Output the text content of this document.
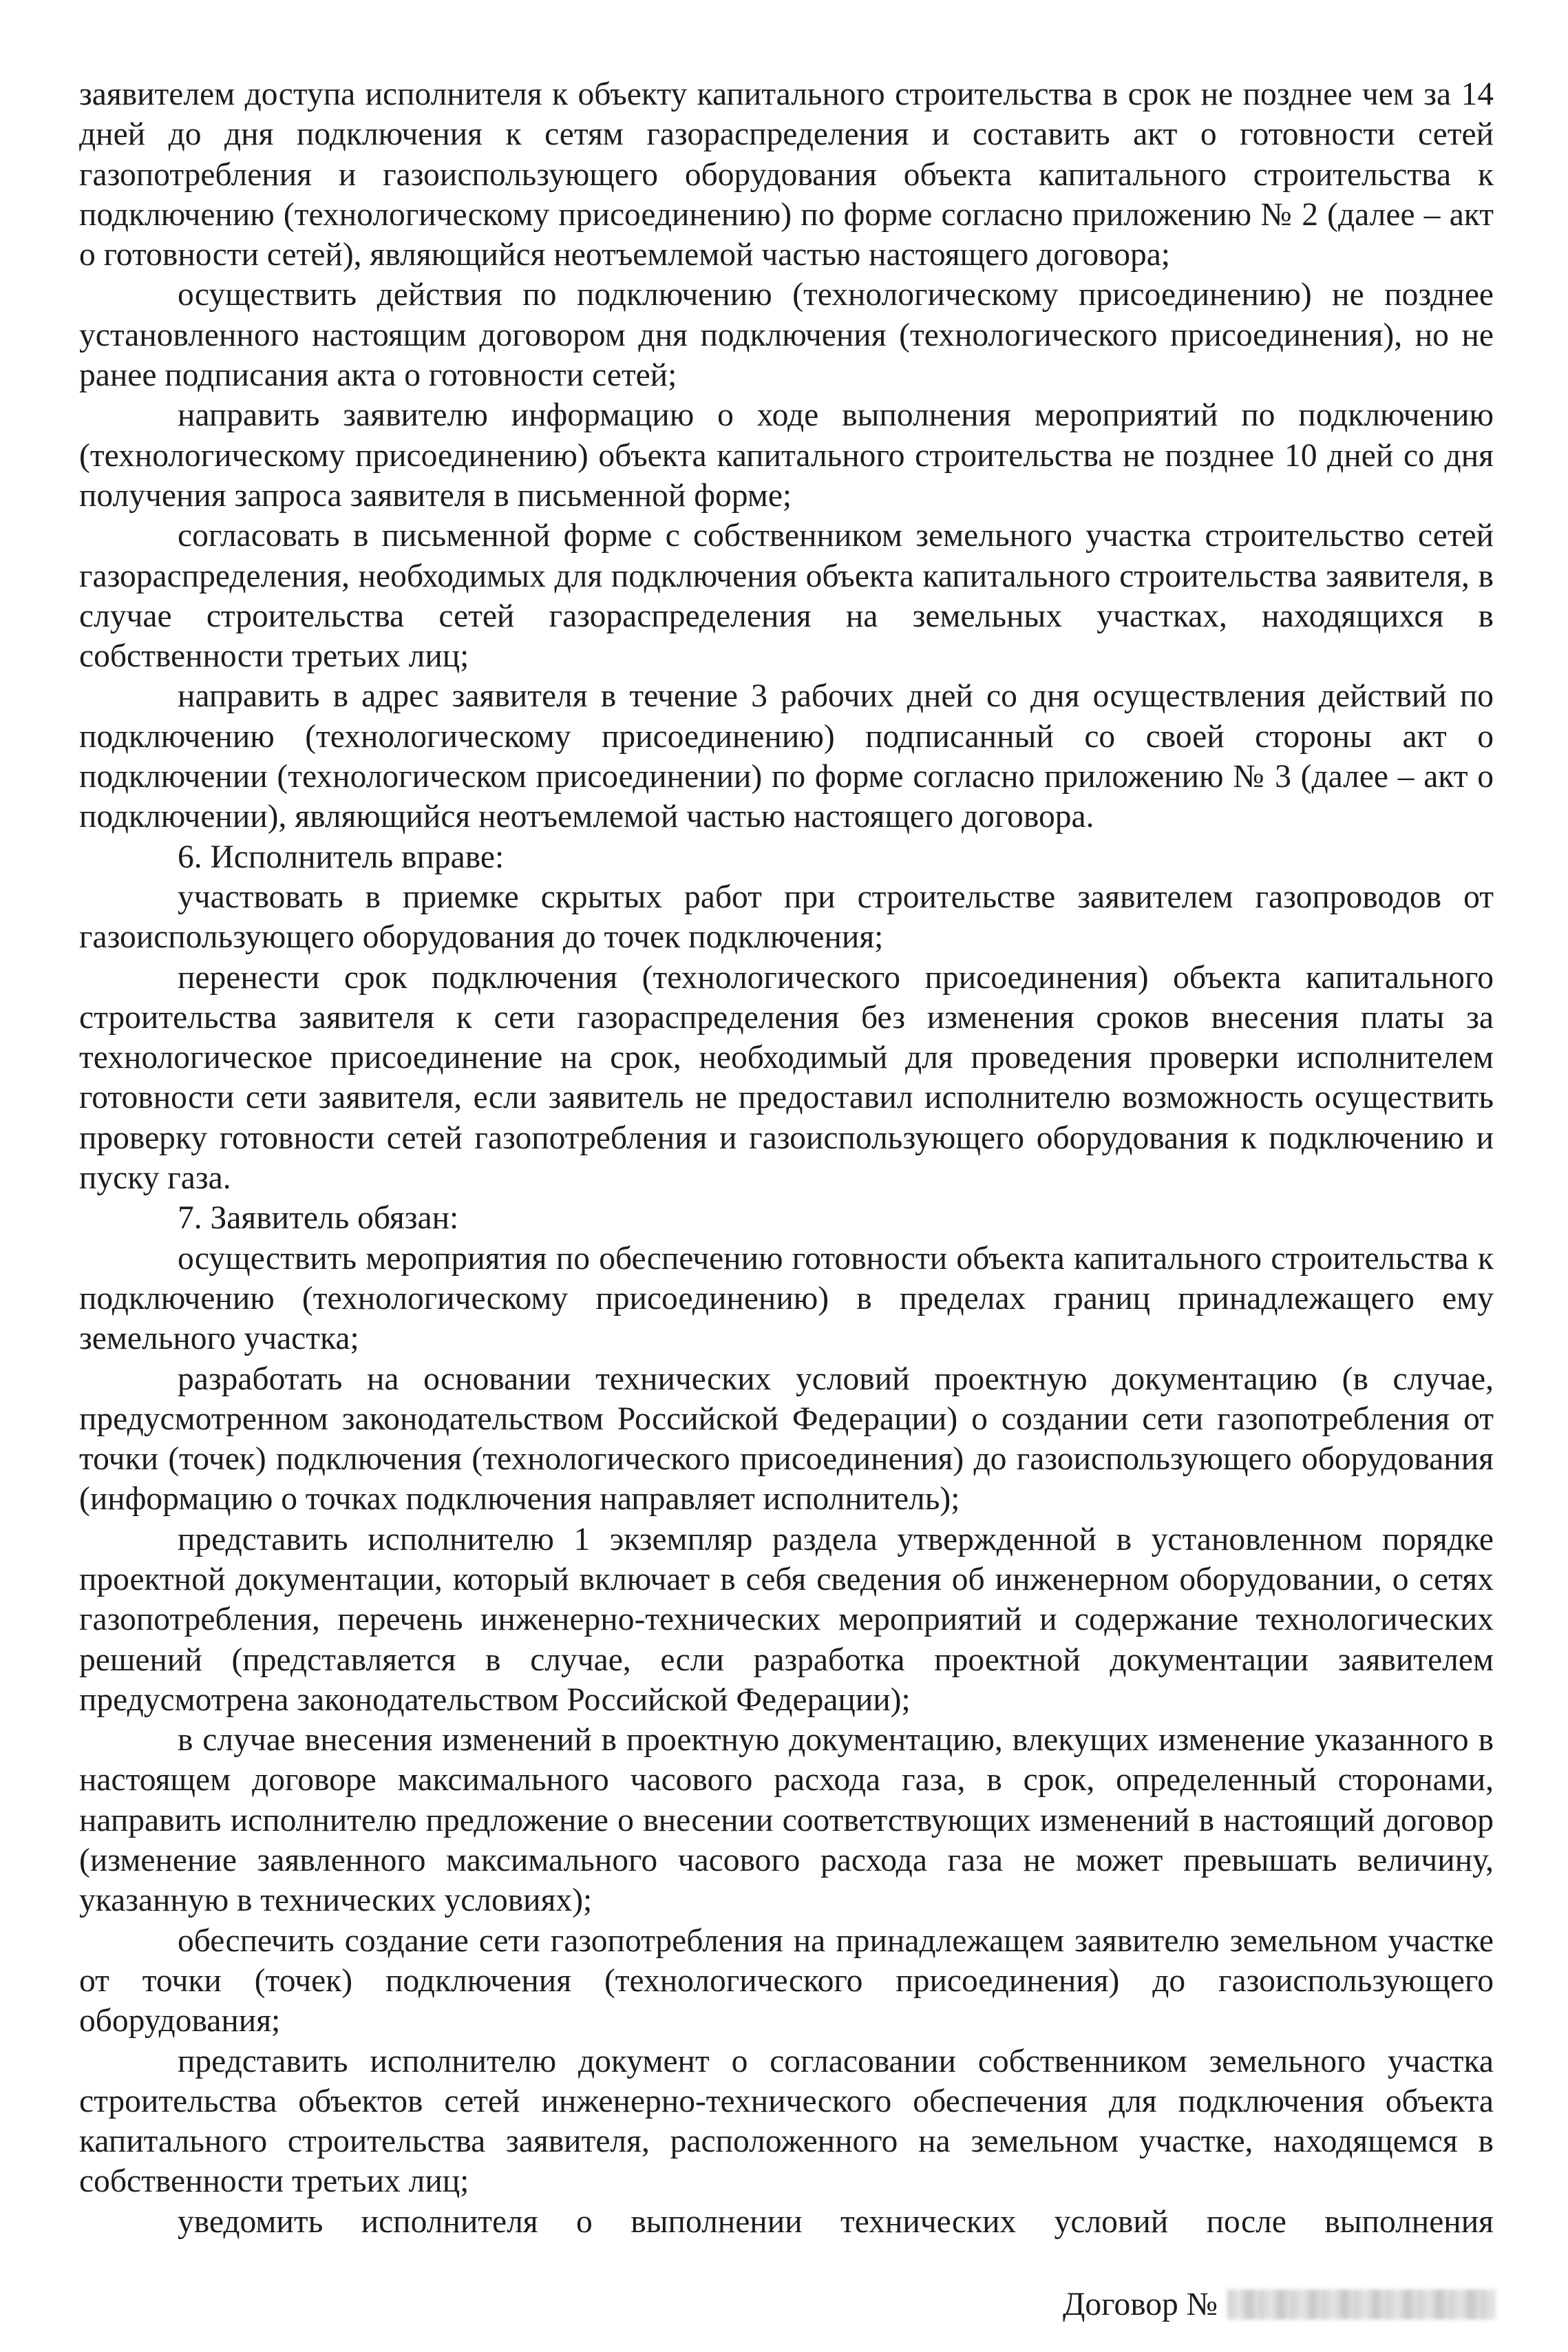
заявителем доступа исполнителя к объекту капитального строительства в срок не позднее чем за 14 дней до дня подключения к сетям газораспределения и составить акт о готовности сетей газопотребления и газоиспользующего оборудования объекта капитального строительства к подключению (технологическому присоединению) по форме согласно приложению № 2 (далее – акт о готовности сетей), являющийся неотъемлемой частью настоящего договора;

осуществить действия по подключению (технологическому присоединению) не позднее установленного настоящим договором дня подключения (технологического присоединения), но не ранее подписания акта о готовности сетей;

направить заявителю информацию о ходе выполнения мероприятий по подключению (технологическому присоединению) объекта капитального строительства не позднее 10 дней со дня получения запроса заявителя в письменной форме;

согласовать в письменной форме с собственником земельного участка строительство сетей газораспределения, необходимых для подключения объекта капитального строительства заявителя, в случае строительства сетей газораспределения на земельных участках, находящихся в собственности третьих лиц;

направить в адрес заявителя в течение 3 рабочих дней со дня осуществления действий по подключению (технологическому присоединению) подписанный со своей стороны акт о подключении (технологическом присоединении) по форме согласно приложению № 3 (далее – акт о подключении), являющийся неотъемлемой частью настоящего договора.

6. Исполнитель вправе:

участвовать в приемке скрытых работ при строительстве заявителем газопроводов от газоиспользующего оборудования до точек подключения;

перенести срок подключения (технологического присоединения) объекта капитального строительства заявителя к сети газораспределения без изменения сроков внесения платы за технологическое присоединение на срок, необходимый для проведения проверки исполнителем готовности сети заявителя, если заявитель не предоставил исполнителю возможность осуществить проверку готовности сетей газопотребления и газоиспользующего оборудования к подключению и пуску газа.

7. Заявитель обязан:

осуществить мероприятия по обеспечению готовности объекта капитального строительства к подключению (технологическому присоединению) в пределах границ принадлежащего ему земельного участка;

разработать на основании технических условий проектную документацию (в случае, предусмотренном законодательством Российской Федерации) о создании сети газопотребления от точки (точек) подключения (технологического присоединения) до газоиспользующего оборудования (информацию о точках подключения направляет исполнитель);

представить исполнителю 1 экземпляр раздела утвержденной в установленном порядке проектной документации, который включает в себя сведения об инженерном оборудовании, о сетях газопотребления, перечень инженерно-технических мероприятий и содержание технологических решений (представляется в случае, если разработка проектной документации заявителем предусмотрена законодательством Российской Федерации);

в случае внесения изменений в проектную документацию, влекущих изменение указанного в настоящем договоре максимального часового расхода газа, в срок, определенный сторонами, направить исполнителю предложение о внесении соответствующих изменений в настоящий договор (изменение заявленного максимального часового расхода газа не может превышать величину, указанную в технических условиях);

обеспечить создание сети газопотребления на принадлежащем заявителю земельном участке от точки (точек) подключения (технологического присоединения) до газоиспользующего оборудования;

представить исполнителю документ о согласовании собственником земельного участка строительства объектов сетей инженерно-технического обеспечения для подключения объекта капитального строительства заявителя, расположенного на земельном участке, находящемся в собственности третьих лиц;

уведомить исполнителя о выполнении технических условий после выполнения

Договор №
